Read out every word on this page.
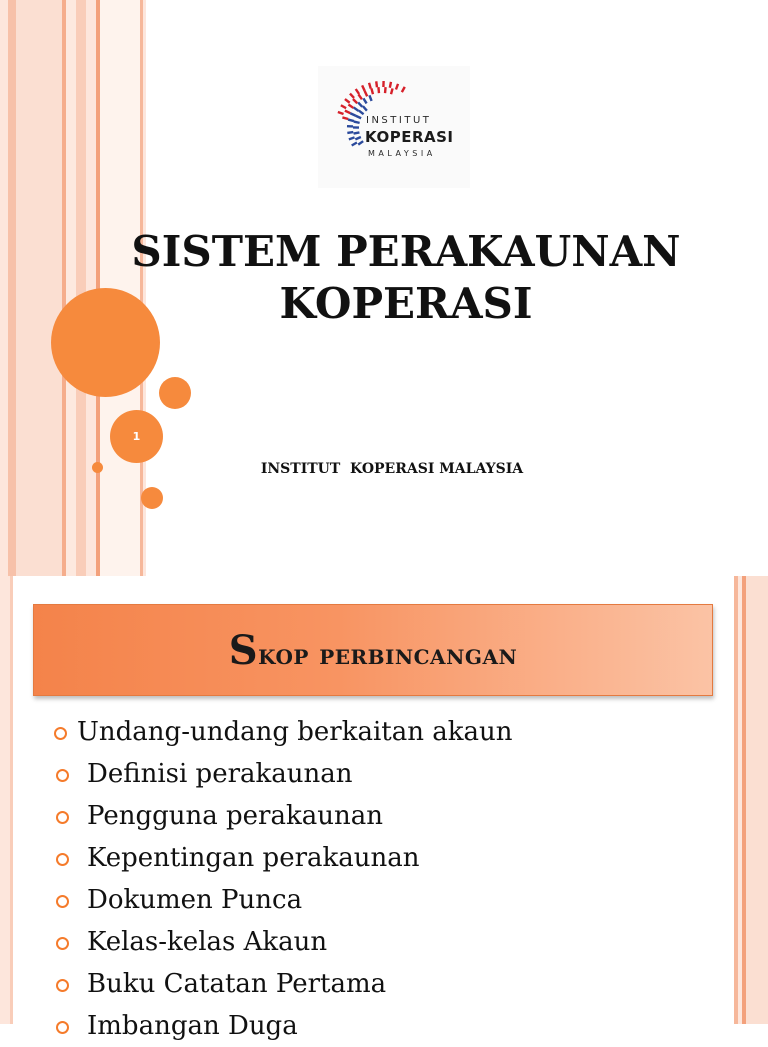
1
INSTITUT
KOPERASI
MALAYSIA
SISTEM PERAKAUNAN
KOPERASI
INSTITUT  KOPERASI MALAYSIA
Skop perbincangan
Undang-undang berkaitan akaun
Definisi perakaunan
Pengguna perakaunan
Kepentingan perakaunan
Dokumen Punca
Kelas-kelas Akaun
Buku Catatan Pertama
Imbangan Duga
